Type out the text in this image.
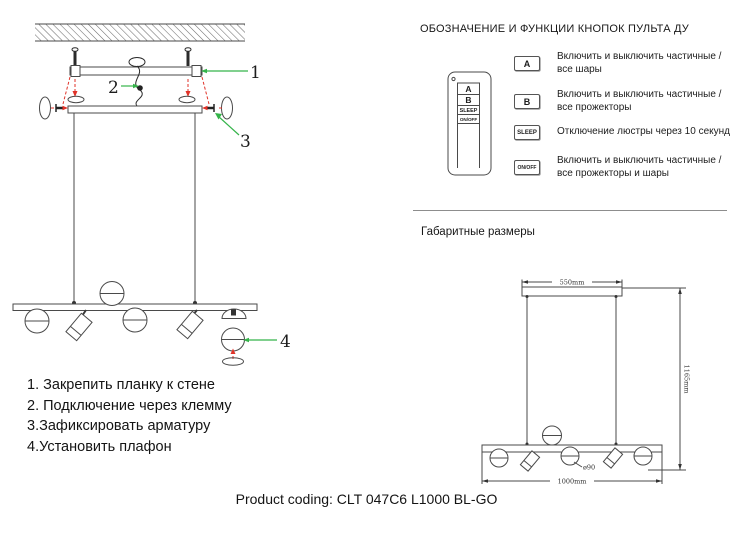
1
2
3
4
1. Закрепить планку к стене
2. Подключение через клемму
3.Зафиксировать арматуру
4.Установить плафон
ОБОЗНАЧЕНИЕ И ФУНКЦИИ КНОПОК ПУЛЬТА ДУ
A
B
SLEEP
ON/OFF
A
Включить и выключить частичные /
все шары
B
Включить и выключить частичные /
все прожекторы
SLEEP	Отключение люстры через 10 секунд
ON/OFF
Включить и выключить частичные /
все прожекторы и шары
Габаритные размеры
550mm
ø90
1000mm
1165mm
Product coding: CLT 047C6 L1000 BL-GO
